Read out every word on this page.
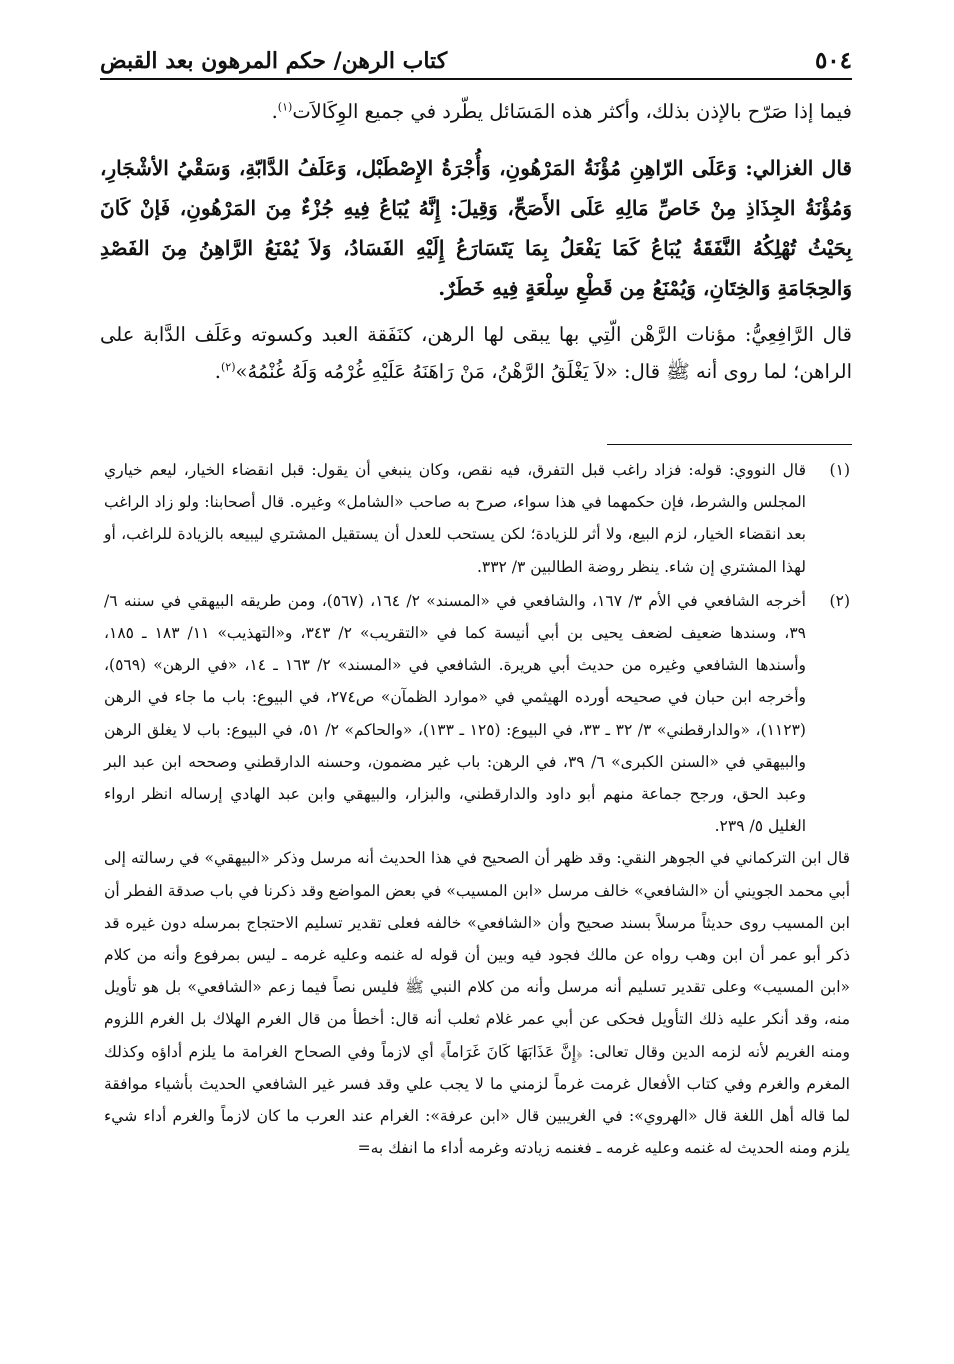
٥٠٤
كتاب الرهن/ حكم المرهون بعد القبض

فيما إذا صَرّح بالإذن بذلك، وأكثر هذه المَسَائل يطّرد في جميع الوِكَالاَت$^{(١)}$.

قال الغزالي: وَعَلَى الرّاهِنِ مُؤْنَةُ المَرْهُونِ، وَأُجْرَةُ الإِصْطَبْل، وَعَلَفُ الدَّابّةِ، وَسَقْيُ الأشْجَارِ، وَمُؤْنَةُ الجِذَاذِ مِنْ خَاصِّ مَالِهِ عَلَى الأَصَحِّ، وَقِيلَ: إِنَّهُ يُبَاعُ فِيهِ جُزْءٌ مِنَ المَرْهُونِ، فَإنْ كَانَ بِحَيْثُ تُهْلِكُهُ النَّفَقَةُ يُبَاعُ كَمَا يَفْعَلُ بِمَا يَتَسَارَعُ إِلَيْهِ الفَسَادُ، وَلاَ يُمْنَعُ الرَّاهِنُ مِنَ الفَصْدِ وَالحِجَامَةِ وَالخِتَانِ، وَيُمْنَعُ مِن قَطْعِ سِلْعَةٍ فِيهِ خَطَرٌ.

قال الرَّافِعِيُّ: مؤنات الرَّهْن الّتِي بها يبقى لها الرهن، كنَفَقة العبد وكسوته وعَلَف الدَّابة على الراهن؛ لما روى أنه ﷺ قال: «لاَ يَغْلَقُ الرَّهْنُ، مَنْ رَاهَنَهُ عَلَيْهِ غُرْمُه وَلَهُ غُنْمُهُ»$^{(٢)}$.

(١)
قال النووي: قوله: فزاد راغب قبل التفرق، فيه نقص، وكان ينبغي أن يقول: قبل انقضاء الخيار، ليعم خياري المجلس والشرط، فإن حكمهما في هذا سواء، صرح به صاحب «الشامل» وغيره. قال أصحابنا: ولو زاد الراغب بعد انقضاء الخيار، لزم البيع، ولا أثر للزيادة؛ لكن يستحب للعدل أن يستقيل المشتري ليبيعه بالزيادة للراغب، أو لهذا المشتري إن شاء. ينظر روضة الطالبين ٣/ ٣٣٢.
(٢)
أخرجه الشافعي في الأم ٣/ ١٦٧، والشافعي في «المسند» ٢/ ١٦٤، (٥٦٧)، ومن طريقه البيهقي في سننه ٦/ ٣٩، وسندها ضعيف لضعف يحيى بن أبي أنيسة كما في «التقريب» ٢/ ٣٤٣، و«التهذيب» ١١/ ١٨٣ ـ ١٨٥، وأسندها الشافعي وغيره من حديث أبي هريرة. الشافعي في «المسند» ٢/ ١٦٣ ـ ١٤، «في الرهن» (٥٦٩)، وأخرجه ابن حبان في صحيحه أورده الهيثمي في «موارد الظمآن» ص٢٧٤، في البيوع: باب ما جاء في الرهن (١١٢٣)، «والدارقطني» ٣/ ٣٢ ـ ٣٣، في البيوع: (١٢٥ ـ ١٣٣)، «والحاكم» ٢/ ٥١، في البيوع: باب لا يغلق الرهن والبيهقي في «السنن الكبرى» ٦/ ٣٩، في الرهن: باب غير مضمون، وحسنه الدارقطني وصححه ابن عبد البر وعبد الحق، ورجح جماعة منهم أبو داود والدارقطني، والبزار، والبيهقي وابن عبد الهادي إرساله انظر ارواء الغليل ٥/ ٢٣٩.

قال ابن التركماني في الجوهر النقي: وقد ظهر أن الصحيح في هذا الحديث أنه مرسل وذكر «البيهقي» في رسالته إلى أبي محمد الجويني أن «الشافعي» خالف مرسل «ابن المسيب» في بعض المواضع وقد ذكرنا في باب صدقة الفطر أن ابن المسيب روى حديثاً مرسلاً بسند صحيح وأن «الشافعي» خالفه فعلى تقدير تسليم الاحتجاج بمرسله دون غيره قد ذكر أبو عمر أن ابن وهب رواه عن مالك فجود فيه وبين أن قوله له غنمه وعليه غرمه ـ ليس بمرفوع وأنه من كلام «ابن المسيب» وعلى تقدير تسليم أنه مرسل وأنه من كلام النبي ﷺ فليس نصاً فيما زعم «الشافعي» بل هو تأويل منه، وقد أنكر عليه ذلك التأويل فحكى عن أبي عمر غلام ثعلب أنه قال: أخطأ من قال الغرم الهلاك بل الغرم اللزوم ومنه الغريم لأنه لزمه الدين وقال تعالى: ﴿إِنَّ عَذَابَهَا كَانَ غَرَاماً﴾ أي لازماً وفي الصحاح الغرامة ما يلزم أداؤه وكذلك المغرم والغرم وفي كتاب الأفعال غرمت غرماً لزمني ما لا يجب علي وقد فسر غير الشافعي الحديث بأشياء موافقة لما قاله أهل اللغة قال «الهروي»: في الغريبين قال «ابن عرفة»: الغرام عند العرب ما كان لازماً والغرم أداء شيء يلزم ومنه الحديث له غنمه وعليه غرمه ـ فغنمه زيادته وغرمه أداء ما انفك به=
